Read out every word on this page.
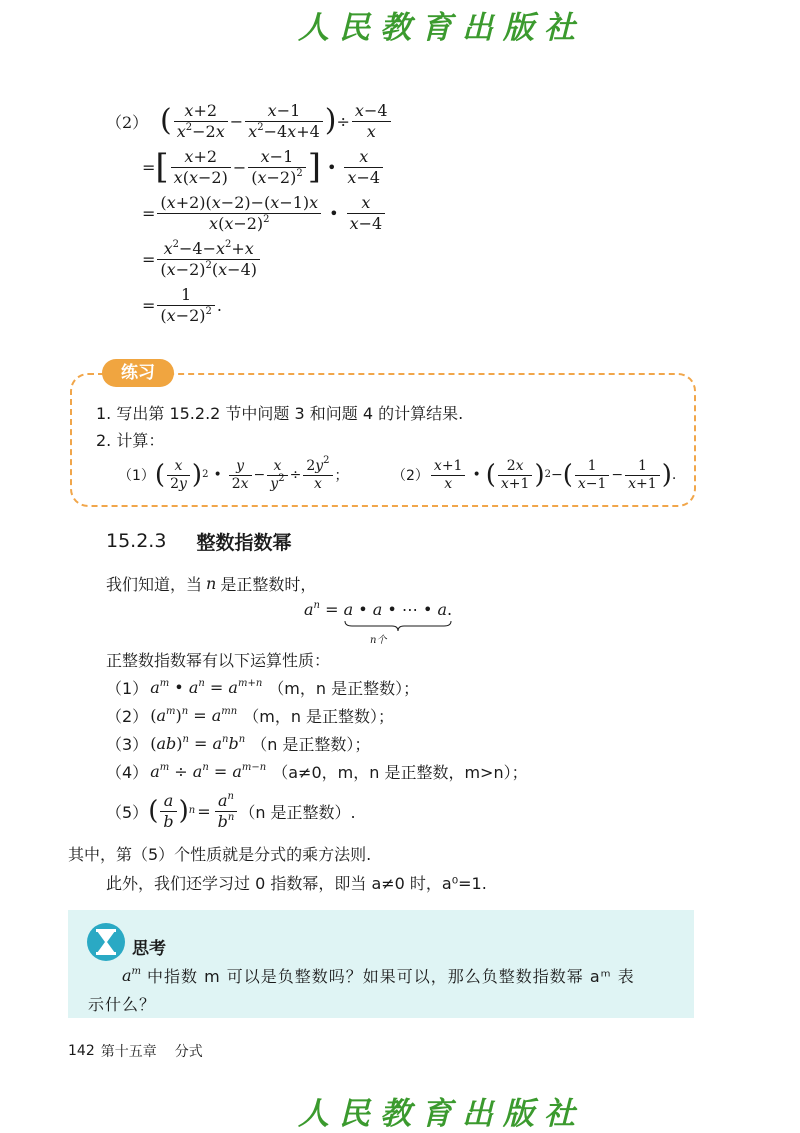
人民教育出版社
（2） ( $\frac{x+2}{x^2-2x} - \frac{x-1}{x^2-4x+4}$ ) ÷ $\frac{x-4}{x}$
= [ $\frac{x+2}{x(x-2)} - \frac{x-1}{(x-2)^2}$ ] • $\frac{x}{x-4}$
= $\frac{(x+2)(x-2)-(x-1)x}{x(x-2)^2}$ • $\frac{x}{x-4}$
= $\frac{x^2-4-x^2+x}{(x-2)^2(x-4)}$
= $\frac{1}{(x-2)^2}$ .
练习
1. 写出第 15.2.2 节中问题 3 和问题 4 的计算结果.
2. 计算：
（1） ( $\frac{x}{2y}$ ) 2 • $\frac{y}{2x} - \frac{x}{y^2} \div \frac{2y^2}{x}$ ；	$(2) \frac{x+1}{x}$ • ( $\frac{2x}{x+1}$ ) 2 − ( $\frac{1}{x-1} - \frac{1}{x+1}$ ) .
15.2.3 整数指数幂
我们知道，当 n 是正整数时，
$a^n = a$ • a • ⋯ • a
.
n个
正整数指数幂有以下运算性质：
（1） $a^m$ • $a^n = a^{m+n}$ （m，n 是正整数）；
（2） $(a^m)^n = a^{mn}$ （m，n 是正整数）；
（3） $(ab)^n = a^nb^n$ （n 是正整数）；
（4） $a^m \div a^n = a^{m-n}$ （a≠0，m，n 是正整数，m>n）；
（5） ( $\frac{a}{b}$ ) $n = \frac{a^n}{b^n} (n$ 是正整数）.
其中，第（5）个性质就是分式的乘方法则.
此外，我们还学习过 0 指数幂，即当 a≠0 时，a⁰=1.
思考
$a^m$ 中指数 m 可以是负整数吗？如果可以，那么负整数指数幂 aᵐ 表
示什么？
142 第十五章 分式
人民教育出版社
